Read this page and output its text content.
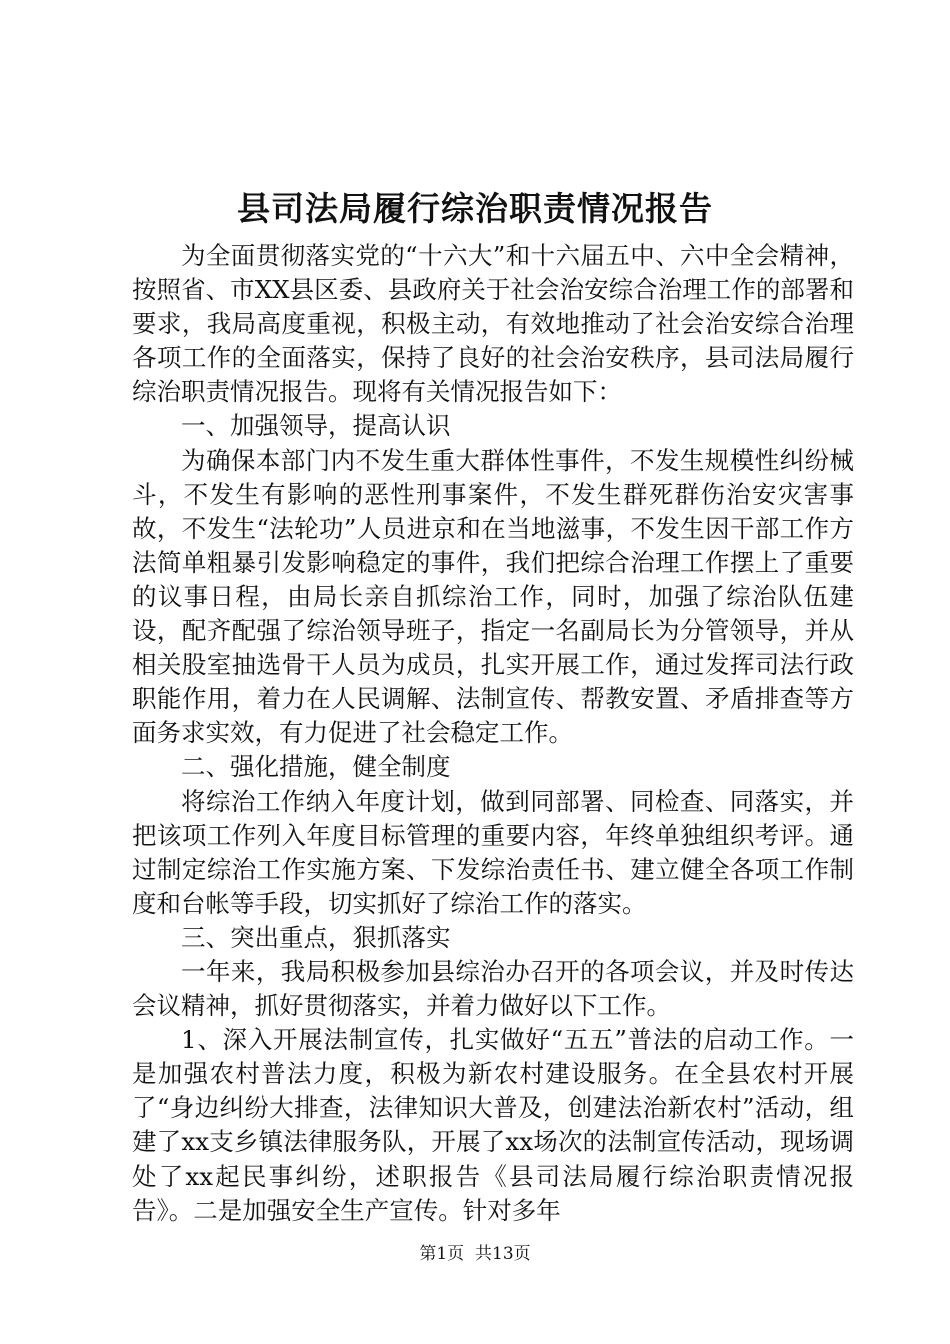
县司法局履行综治职责情况报告

为全面贯彻落实党的“十六大”和十六届五中、六中全会精神，按照省、市XX县区委、县政府关于社会治安综合治理工作的部署和要求，我局高度重视，积极主动，有效地推动了社会治安综合治理各项工作的全面落实，保持了良好的社会治安秩序，县司法局履行综治职责情况报告。现将有关情况报告如下：

一、加强领导，提高认识

为确保本部门内不发生重大群体性事件，不发生规模性纠纷械斗，不发生有影响的恶性刑事案件，不发生群死群伤治安灾害事故，不发生“法轮功”人员进京和在当地滋事，不发生因干部工作方法简单粗暴引发影响稳定的事件，我们把综合治理工作摆上了重要的议事日程，由局长亲自抓综治工作，同时，加强了综治队伍建设，配齐配强了综治领导班子，指定一名副局长为分管领导，并从相关股室抽选骨干人员为成员，扎实开展工作，通过发挥司法行政职能作用，着力在人民调解、法制宣传、帮教安置、矛盾排查等方面务求实效，有力促进了社会稳定工作。

二、强化措施，健全制度

将综治工作纳入年度计划，做到同部署、同检查、同落实，并把该项工作列入年度目标管理的重要内容，年终单独组织考评。通过制定综治工作实施方案、下发综治责任书、建立健全各项工作制度和台帐等手段，切实抓好了综治工作的落实。

三、突出重点，狠抓落实

一年来，我局积极参加县综治办召开的各项会议，并及时传达会议精神，抓好贯彻落实，并着力做好以下工作。

1、深入开展法制宣传，扎实做好“五五”普法的启动工作。一是加强农村普法力度，积极为新农村建设服务。在全县农村开展了“身边纠纷大排查，法律知识大普及，创建法治新农村”活动，组建了xx支乡镇法律服务队，开展了xx场次的法制宣传活动，现场调处了xx起民事纠纷，述职报告《县司法局履行综治职责情况报告》。二是加强安全生产宣传。针对多年

第1页 共13页
